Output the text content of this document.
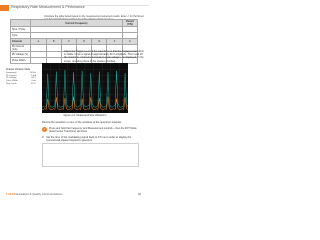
Respiratory Rate Measurement & Perfomance
Complete the table below based on the measured and expected results. Enter ✔ for Perfomed
	Current Frequency						Result (Y/N)
Spot / Pulse							
Type							
Channel	A	B	C	D	E	F	G
Pk Current (mA)							
Pk Voltage (V)							
Pulse Width							
Adjust the Trigger Level of the waveform so that the displayed waveform is stable. It has a signal of approximately 60 V amplitude. Then read off the maximum, minimum and peak-to-peak voltages, as displayed on the scope, recording these in the spaces provided.
Chassis Vibration Mode
Frequency	58 Hz
Pk Current	1.8 A
Pk Voltage	60 V
Pulse Width	4 ms
Duty Cycle	24 %
Figure 2-4: Measured Pulse Waveform
Record the waveform in one of the windows of the spectrum analyser.
i	Press and hold the Frequency and Measurement controls – then the FFT Mode (Fast Fourier Transform) will show.
3. Set the time of the modulating signal back to 0.5 ms in order to display the symmetrical square frequency spectrum.
LUCAS Education & Quality Communications	30
